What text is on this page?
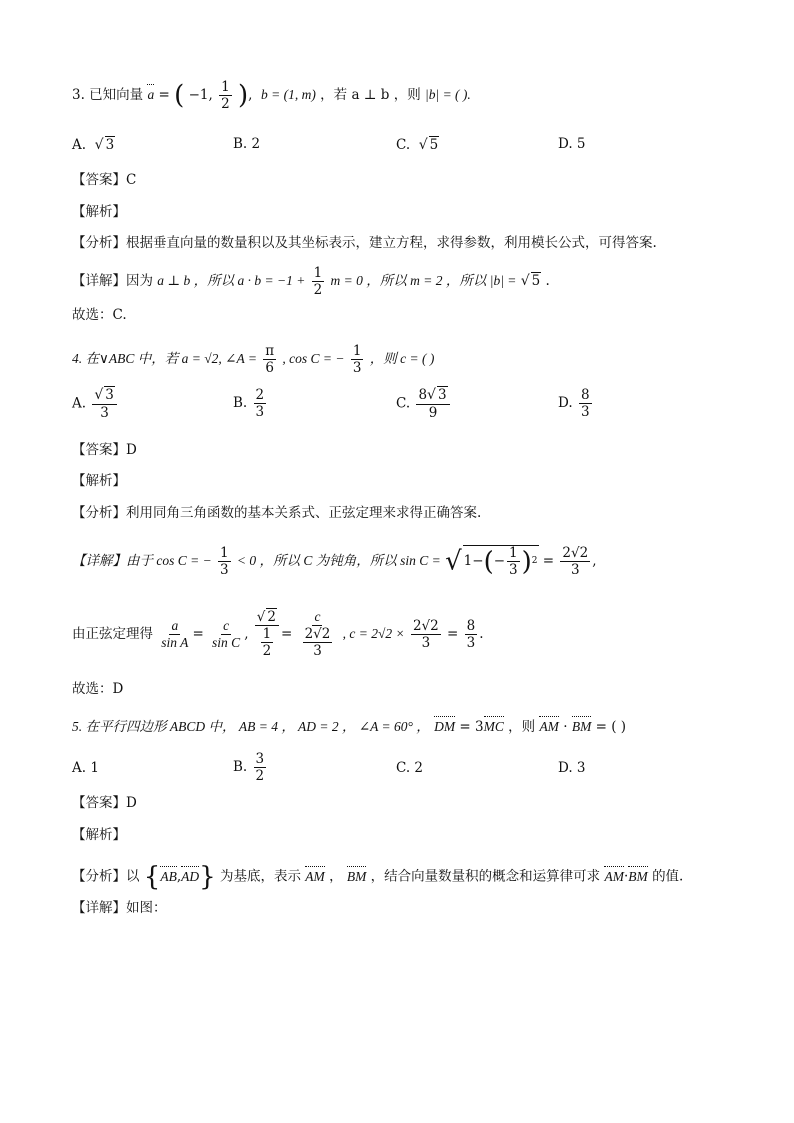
3. 已知向量 a = ( −1, $\frac{1}{2}$ ),  b = (1, m) ，若 a ⊥ b ，则 |b| = ( ).
A. √ 3	B. 2	C. √ 5	D. 5
【答案】C
【解析】
【分析】根据垂直向量的数量积以及其坐标表示，建立方程，求得参数，利用模长公式，可得答案.
【详解】因为 a ⊥ b ，所以 $a \cdot b = -1 + \frac{1}{2}$ m = 0 ，所以 m = 2 ，所以 |b| = √ 5 .
故选：C.
4. 在∨ABC 中，若 a = √2, ∠A = $\frac{\pi}{6}$ , cos C = − $\frac{1}{3}$ ，则 c = ( )
A. $\frac{√ 3}{3}$	B. $\frac{2}{3}$	C. $\frac{8√ 3}{9}$	D. $\frac{8}{3}$
【答案】D
【解析】
【分析】利用同角三角函数的基本关系式、正弦定理来求得正确答案.
【详解】由于 cos C = − $\frac{1}{3} < 0$ ，所以 C 为钝角，所以 sin C = √ 1− ( − $\frac{1}{3}$ ) $2 = \frac{2√2}{3}$ ,
由正弦定理得 $\frac{a}{\text{sin A}} = \frac{c}{\text{sin C}}$ , $\frac{√ 2}{\frac{1}{2}} = \frac{c}{\frac{2√2}{3}}$ , $c = 2√2 \times \frac{2√2}{3} = \frac{8}{3}$ .
故选：D
5. 在平行四边形 ABCD 中， AB = 4 ， AD = 2 ， ∠A = 60° ， DM = 3MC ，则 AM · BM = ( )
A. 1	B. $\frac{3}{2}$	C. 2	D. 3
【答案】D
【解析】
【分析】以 {AB,AD} 为基底，表示 AM ， BM ，结合向量数量积的概念和运算律可求 AM·BM 的值.
【详解】如图：
